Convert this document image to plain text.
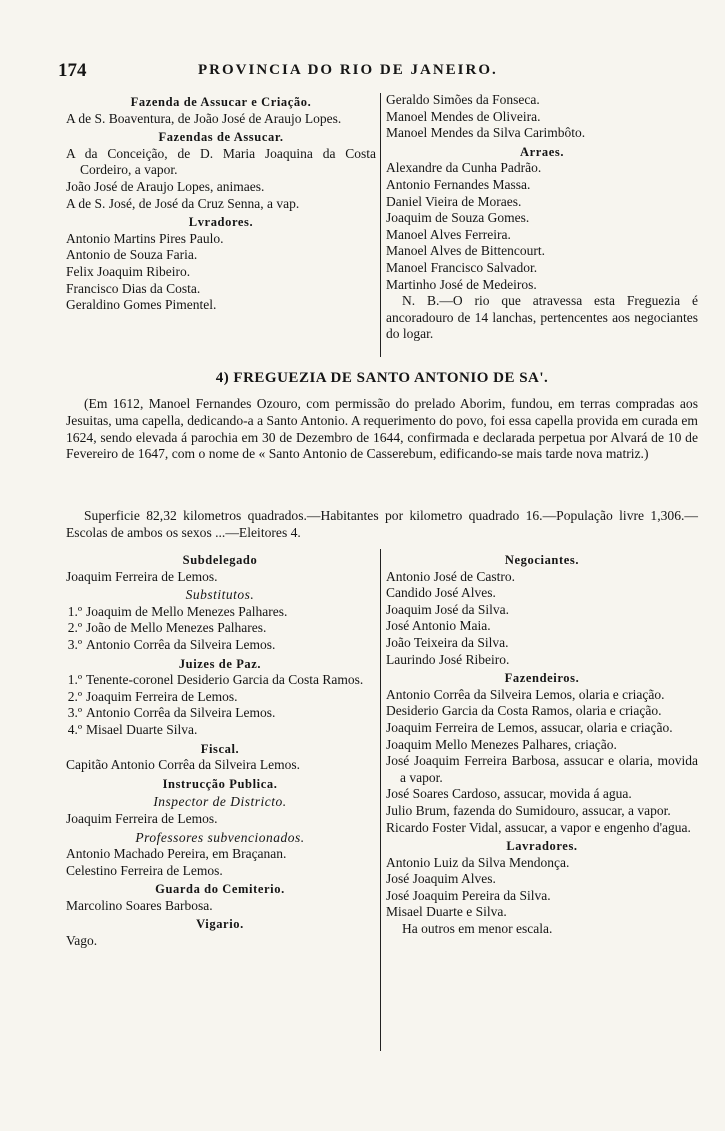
174	PROVINCIA DO RIO DE JANEIRO.
Fazenda de Assucar e Criação.
A de S. Boaventura, de João José de Araujo Lopes.
Fazendas de Assucar.
A da Conceição, de D. Maria Joaquina da Costa Cordeiro, a vapor.
João José de Araujo Lopes, animaes.
A de S. José, de José da Cruz Senna, a vap.
Lvradores.
Antonio Martins Pires Paulo.
Antonio de Souza Faria.
Felix Joaquim Ribeiro.
Francisco Dias da Costa.
Geraldino Gomes Pimentel.
Geraldo Simões da Fonseca.
Manoel Mendes de Oliveira.
Manoel Mendes da Silva Carimbôto.
Arraes.
Alexandre da Cunha Padrão.
Antonio Fernandes Massa.
Daniel Vieira de Moraes.
Joaquim de Souza Gomes.
Manoel Alves Ferreira.
Manoel Alves de Bittencourt.
Manoel Francisco Salvador.
Martinho José de Medeiros.
N. B.—O rio que atravessa esta Freguezia é ancoradouro de 14 lanchas, pertencentes aos negociantes do logar.
4) FREGUEZIA DE SANTO ANTONIO DE SA'.
(Em 1612, Manoel Fernandes Ozouro, com permissão do prelado Aborim, fundou, em terras compradas aos Jesuitas, uma capella, dedicando-a a Santo Antonio. A requerimento do povo, foi essa capella provida em curada em 1624, sendo elevada á parochia em 30 de Dezembro de 1644, confirmada e declarada perpetua por Alvará de 10 de Fevereiro de 1647, com o nome de « Santo Antonio de Casserebum, edificando-se mais tarde nova matriz.)
Superficie 82,32 kilometros quadrados.—Habitantes por kilometro quadrado 16.—População livre 1,306.—Escolas de ambos os sexos ...—Eleitores 4.
Subdelegado
Joaquim Ferreira de Lemos.
Substitutos.
1.º Joaquim de Mello Menezes Palhares.
2.º João de Mello Menezes Palhares.
3.º Antonio Corrêa da Silveira Lemos.
Juizes de Paz.
1.º Tenente-coronel Desiderio Garcia da Costa Ramos.
2.º Joaquim Ferreira de Lemos.
3.º Antonio Corrêa da Silveira Lemos.
4.º Misael Duarte Silva.
Fiscal.
Capitão Antonio Corrêa da Silveira Lemos.
Instrucção Publica.
Inspector de Districto.
Joaquim Ferreira de Lemos.
Professores subvencionados.
Antonio Machado Pereira, em Braçanan.
Celestino Ferreira de Lemos.
Guarda do Cemiterio.
Marcolino Soares Barbosa.
Vigario.
Vago.
Negociantes.
Antonio José de Castro.
Candido José Alves.
Joaquim José da Silva.
José Antonio Maia.
João Teixeira da Silva.
Laurindo José Ribeiro.
Fazendeiros.
Antonio Corrêa da Silveira Lemos, olaria e criação.
Desiderio Garcia da Costa Ramos, olaria e criação.
Joaquim Ferreira de Lemos, assucar, olaria e criação.
Joaquim Mello Menezes Palhares, criação.
José Joaquim Ferreira Barbosa, assucar e olaria, movida a vapor.
José Soares Cardoso, assucar, movida á agua.
Julio Brum, fazenda do Sumidouro, assucar, a vapor.
Ricardo Foster Vidal, assucar, a vapor e engenho d'agua.
Lavradores.
Antonio Luiz da Silva Mendonça.
José Joaquim Alves.
José Joaquim Pereira da Silva.
Misael Duarte e Silva.
Ha outros em menor escala.
